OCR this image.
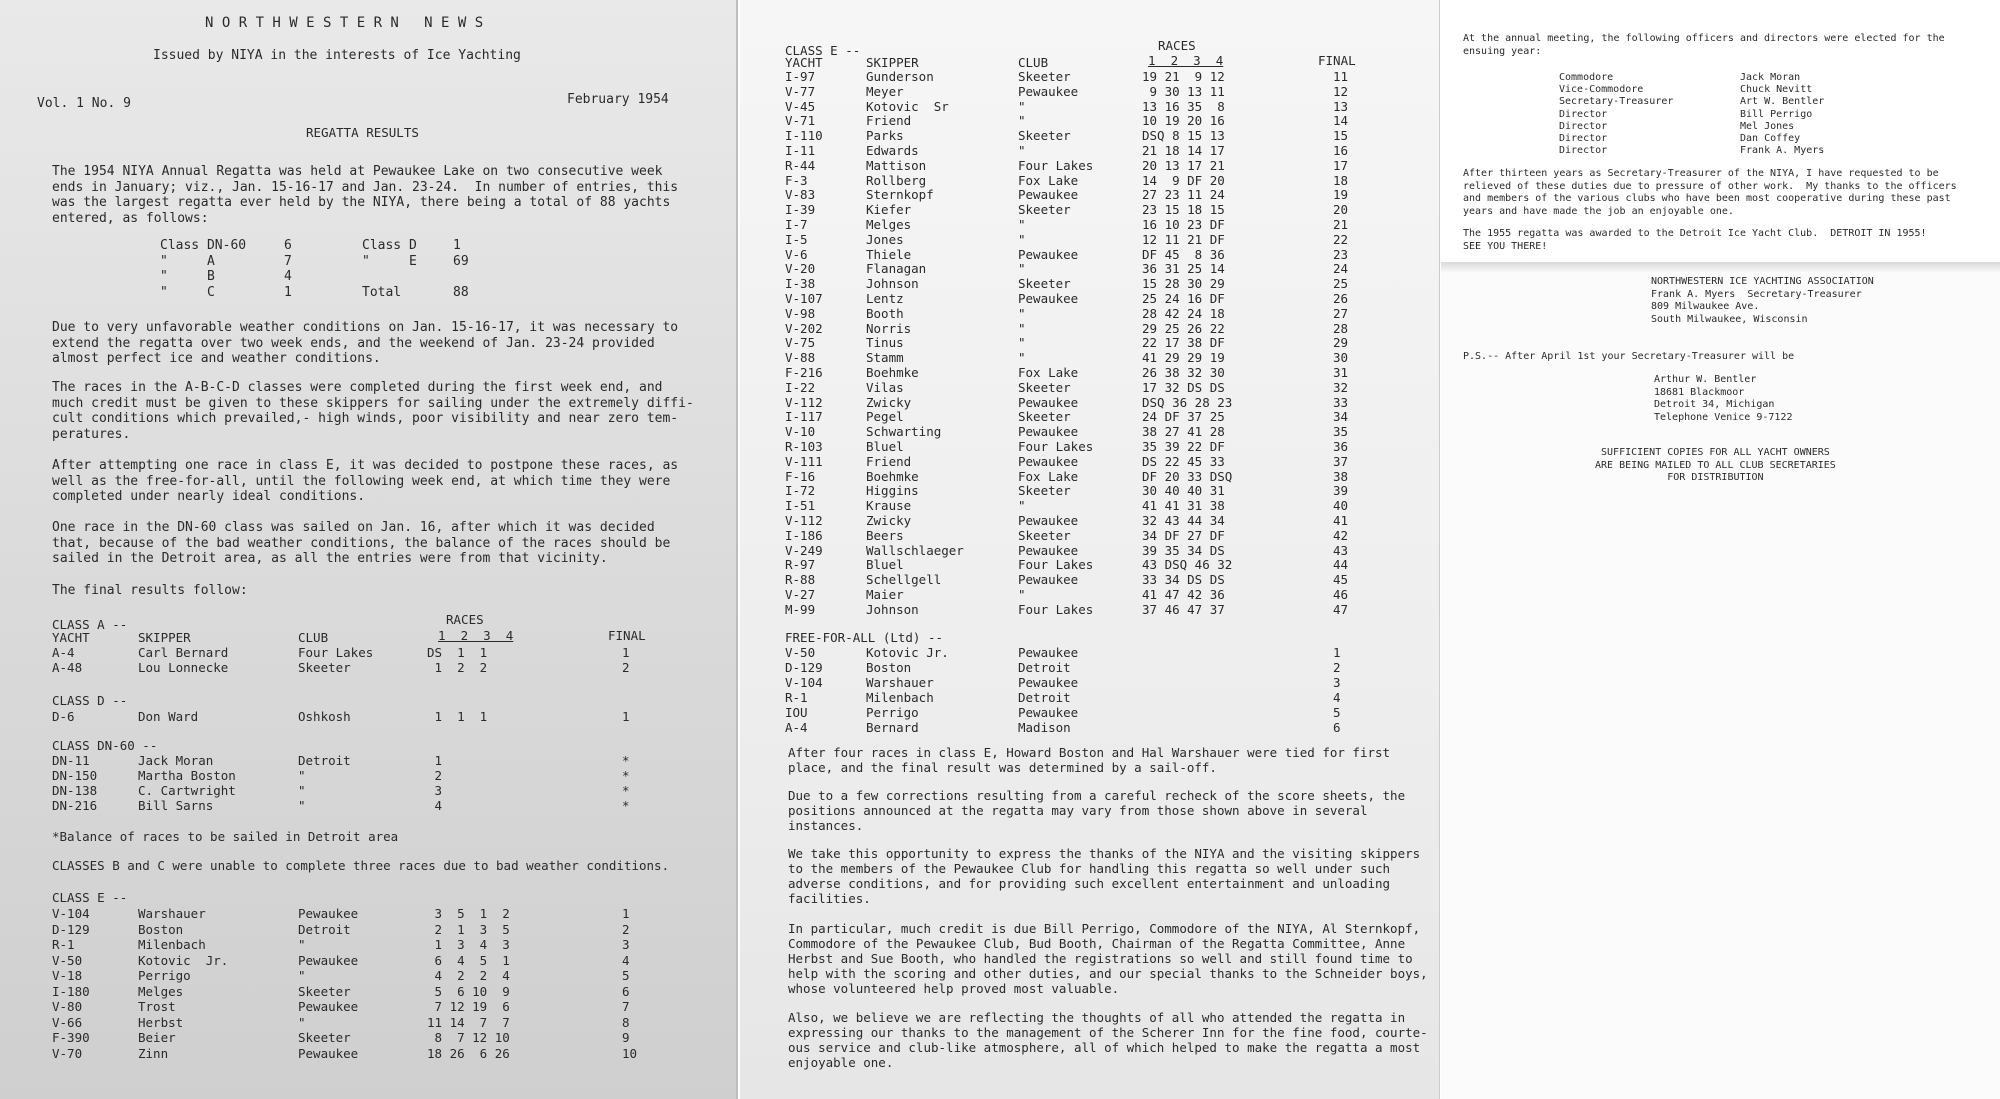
N O R T H W E S T E R N   N E W S
Issued by NIYA in the interests of Ice Yachting
Vol. 1 No. 9	February 1954
REGATTA RESULTS
The 1954 NIYA Annual Regatta was held at Pewaukee Lake on two consecutive week
ends in January; viz., Jan. 15-16-17 and Jan. 23-24.  In number of entries, this
was the largest regatta ever held by the NIYA, there being a total of 88 yachts
entered, as follows:
Class DN-60	6	Class D	1
"     A	7	"     E	69
"     B	4
"     C	1	Total	88
Due to very unfavorable weather conditions on Jan. 15-16-17, it was necessary to
extend the regatta over two week ends, and the weekend of Jan. 23-24 provided
almost perfect ice and weather conditions.
The races in the A-B-C-D classes were completed during the first week end, and
much credit must be given to these skippers for sailing under the extremely diffi-
cult conditions which prevailed,- high winds, poor visibility and near zero tem-
peratures.
After attempting one race in class E, it was decided to postpone these races, as
well as the free-for-all, until the following week end, at which time they were
completed under nearly ideal conditions.
One race in the DN-60 class was sailed on Jan. 16, after which it was decided
that, because of the bad weather conditions, the balance of the races should be
sailed in the Detroit area, as all the entries were from that vicinity.
The final results follow:
RACES
CLASS A --
YACHT	SKIPPER	CLUB	1  2  3  4	FINAL
A-4	Carl Bernard	Four Lakes	DS  1  1	1
A-48	Lou Lonnecke	Skeeter	1  2  2	2
CLASS D --
D-6	Don Ward	Oshkosh	1  1  1	1
CLASS DN-60 --
DN-11	Jack Moran	Detroit	1	*
DN-150	Martha Boston	"	2	*
DN-138	C. Cartwright	"	3	*
DN-216	Bill Sarns	"	4	*
CLASS E --
V-104	Warshauer	Pewaukee	3  5  1  2	1
D-129	Boston	Detroit	2  1  3  5	2
R-1	Milenbach	"	1  3  4  3	3
V-50	Kotovic  Jr.	Pewaukee	6  4  5  1	4
V-18	Perrigo	"	4  2  2  4	5
I-180	Melges	Skeeter	5  6 10  9	6
V-80	Trost	Pewaukee	7 12 19  6	7
V-66	Herbst	"	11 14  7  7	8
F-390	Beier	Skeeter	8  7 12 10	9
V-70	Zinn	Pewaukee	18 26  6 26	10
*Balance of races to be sailed in Detroit area
CLASSES B and C were unable to complete three races due to bad weather conditions.
RACES
CLASS E --
YACHT	SKIPPER	CLUB	1  2  3  4	FINAL
I-97	Gunderson	Skeeter	19 21  9 12	11
V-77	Meyer	Pewaukee	9 30 13 11	12
V-45	Kotovic  Sr	"	13 16 35  8	13
V-71	Friend	"	10 19 20 16	14
I-110	Parks	Skeeter	DSQ 8 15 13	15
I-11	Edwards	"	21 18 14 17	16
R-44	Mattison	Four Lakes	20 13 17 21	17
F-3	Rollberg	Fox Lake	14  9 DF 20	18
V-83	Sternkopf	Pewaukee	27 23 11 24	19
I-39	Kiefer	Skeeter	23 15 18 15	20
I-7	Melges	"	16 10 23 DF	21
I-5	Jones	"	12 11 21 DF	22
V-6	Thiele	Pewaukee	DF 45  8 36	23
V-20	Flanagan	"	36 31 25 14	24
I-38	Johnson	Skeeter	15 28 30 29	25
V-107	Lentz	Pewaukee	25 24 16 DF	26
V-98	Booth	"	28 42 24 18	27
V-202	Norris	"	29 25 26 22	28
V-75	Tinus	"	22 17 38 DF	29
V-88	Stamm	"	41 29 29 19	30
F-216	Boehmke	Fox Lake	26 38 32 30	31
I-22	Vilas	Skeeter	17 32 DS DS	32
V-112	Zwicky	Pewaukee	DSQ 36 28 23	33
I-117	Pegel	Skeeter	24 DF 37 25	34
V-10	Schwarting	Pewaukee	38 27 41 28	35
R-103	Bluel	Four Lakes	35 39 22 DF	36
V-111	Friend	Pewaukee	DS 22 45 33	37
F-16	Boehmke	Fox Lake	DF 20 33 DSQ	38
I-72	Higgins	Skeeter	30 40 40 31	39
I-51	Krause	"	41 41 31 38	40
V-112	Zwicky	Pewaukee	32 43 44 34	41
I-186	Beers	Skeeter	34 DF 27 DF	42
V-249	Wallschlaeger	Pewaukee	39 35 34 DS	43
R-97	Bluel	Four Lakes	43 DSQ 46 32	44
R-88	Schellgell	Pewaukee	33 34 DS DS	45
V-27	Maier	"	41 47 42 36	46
M-99	Johnson	Four Lakes	37 46 47 37	47
FREE-FOR-ALL (Ltd) --
V-50	Kotovic Jr.	Pewaukee	1
D-129	Boston	Detroit	2
V-104	Warshauer	Pewaukee	3
R-1	Milenbach	Detroit	4
IOU	Perrigo	Pewaukee	5
A-4	Bernard	Madison	6
After four races in class E, Howard Boston and Hal Warshauer were tied for first
place, and the final result was determined by a sail-off.
Due to a few corrections resulting from a careful recheck of the score sheets, the
positions announced at the regatta may vary from those shown above in several
instances.
We take this opportunity to express the thanks of the NIYA and the visiting skippers
to the members of the Pewaukee Club for handling this regatta so well under such
adverse conditions, and for providing such excellent entertainment and unloading
facilities.
In particular, much credit is due Bill Perrigo, Commodore of the NIYA, Al Sternkopf,
Commodore of the Pewaukee Club, Bud Booth, Chairman of the Regatta Committee, Anne
Herbst and Sue Booth, who handled the registrations so well and still found time to
help with the scoring and other duties, and our special thanks to the Schneider boys,
whose volunteered help proved most valuable.
Also, we believe we are reflecting the thoughts of all who attended the regatta in
expressing our thanks to the management of the Scherer Inn for the fine food, courte-
ous service and club-like atmosphere, all of which helped to make the regatta a most
enjoyable one.
At the annual meeting, the following officers and directors were elected for the
ensuing year:
Commodore	Jack Moran
Vice-Commodore	Chuck Nevitt
Secretary-Treasurer	Art W. Bentler
Director	Bill Perrigo
Director	Mel Jones
Director	Dan Coffey
Director	Frank A. Myers
After thirteen years as Secretary-Treasurer of the NIYA, I have requested to be
relieved of these duties due to pressure of other work.  My thanks to the officers
and members of the various clubs who have been most cooperative during these past
years and have made the job an enjoyable one.
The 1955 regatta was awarded to the Detroit Ice Yacht Club.  DETROIT IN 1955!
SEE YOU THERE!
NORTHWESTERN ICE YACHTING ASSOCIATION
Frank A. Myers  Secretary-Treasurer
809 Milwaukee Ave.
South Milwaukee, Wisconsin
P.S.-- After April 1st your Secretary-Treasurer will be
Arthur W. Bentler
18681 Blackmoor
Detroit 34, Michigan
Telephone Venice 9-7122
SUFFICIENT COPIES FOR ALL YACHT OWNERS
ARE BEING MAILED TO ALL CLUB SECRETARIES
FOR DISTRIBUTION
